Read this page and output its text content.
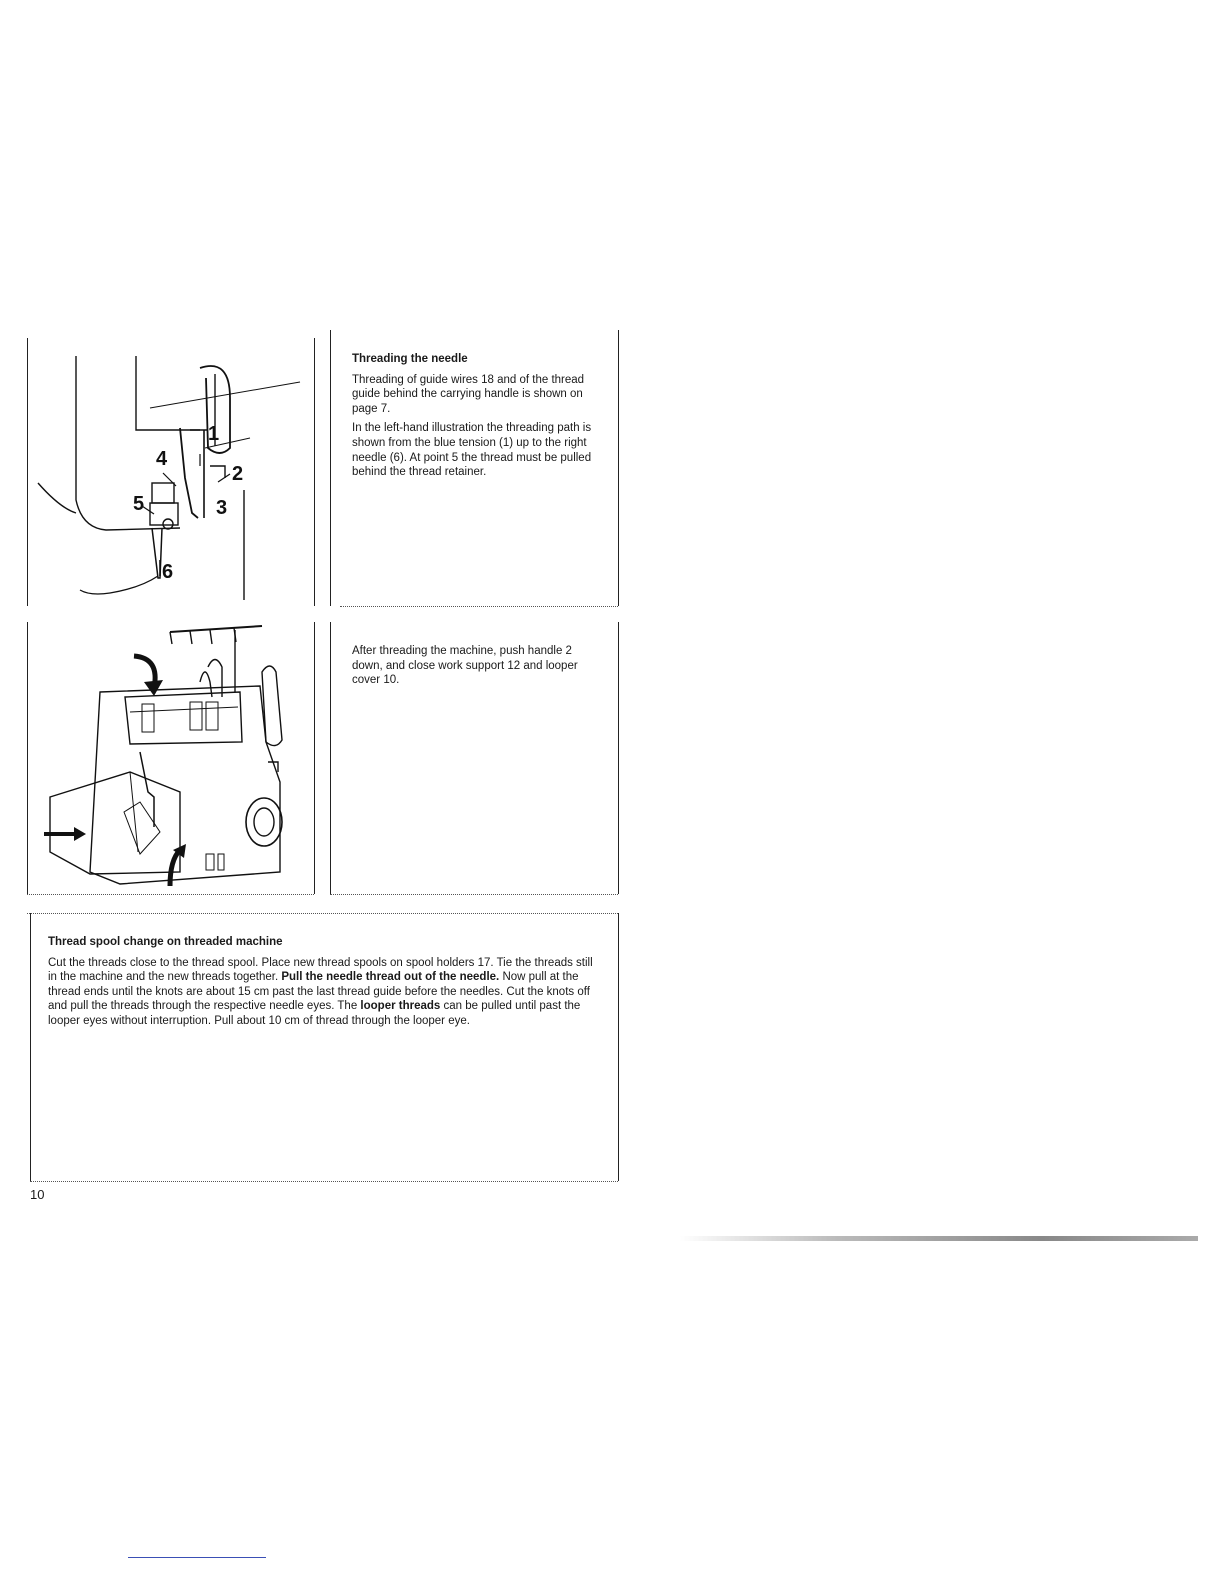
1
2
3
4
5
6
Threading the needle

Threading of guide wires 18 and of the thread guide behind the carrying handle is shown on page 7.

In the left-hand illustration the threading path is shown from the blue tension (1) up to the right needle (6). At point 5 the thread must be pulled behind the thread retainer.

After threading the machine, push handle 2 down, and close work support 12 and looper cover 10.

Thread spool change on threaded machine

Cut the threads close to the thread spool. Place new thread spools on spool holders 17. Tie the threads still in the machine and the new threads together. Pull the needle thread out of the needle. Now pull at the thread ends until the knots are about 15 cm past the last thread guide before the needles. Cut the knots off and pull the threads through the respective needle eyes. The looper threads can be pulled until past the looper eyes without interruption. Pull about 10 cm of thread through the looper eye.

10
